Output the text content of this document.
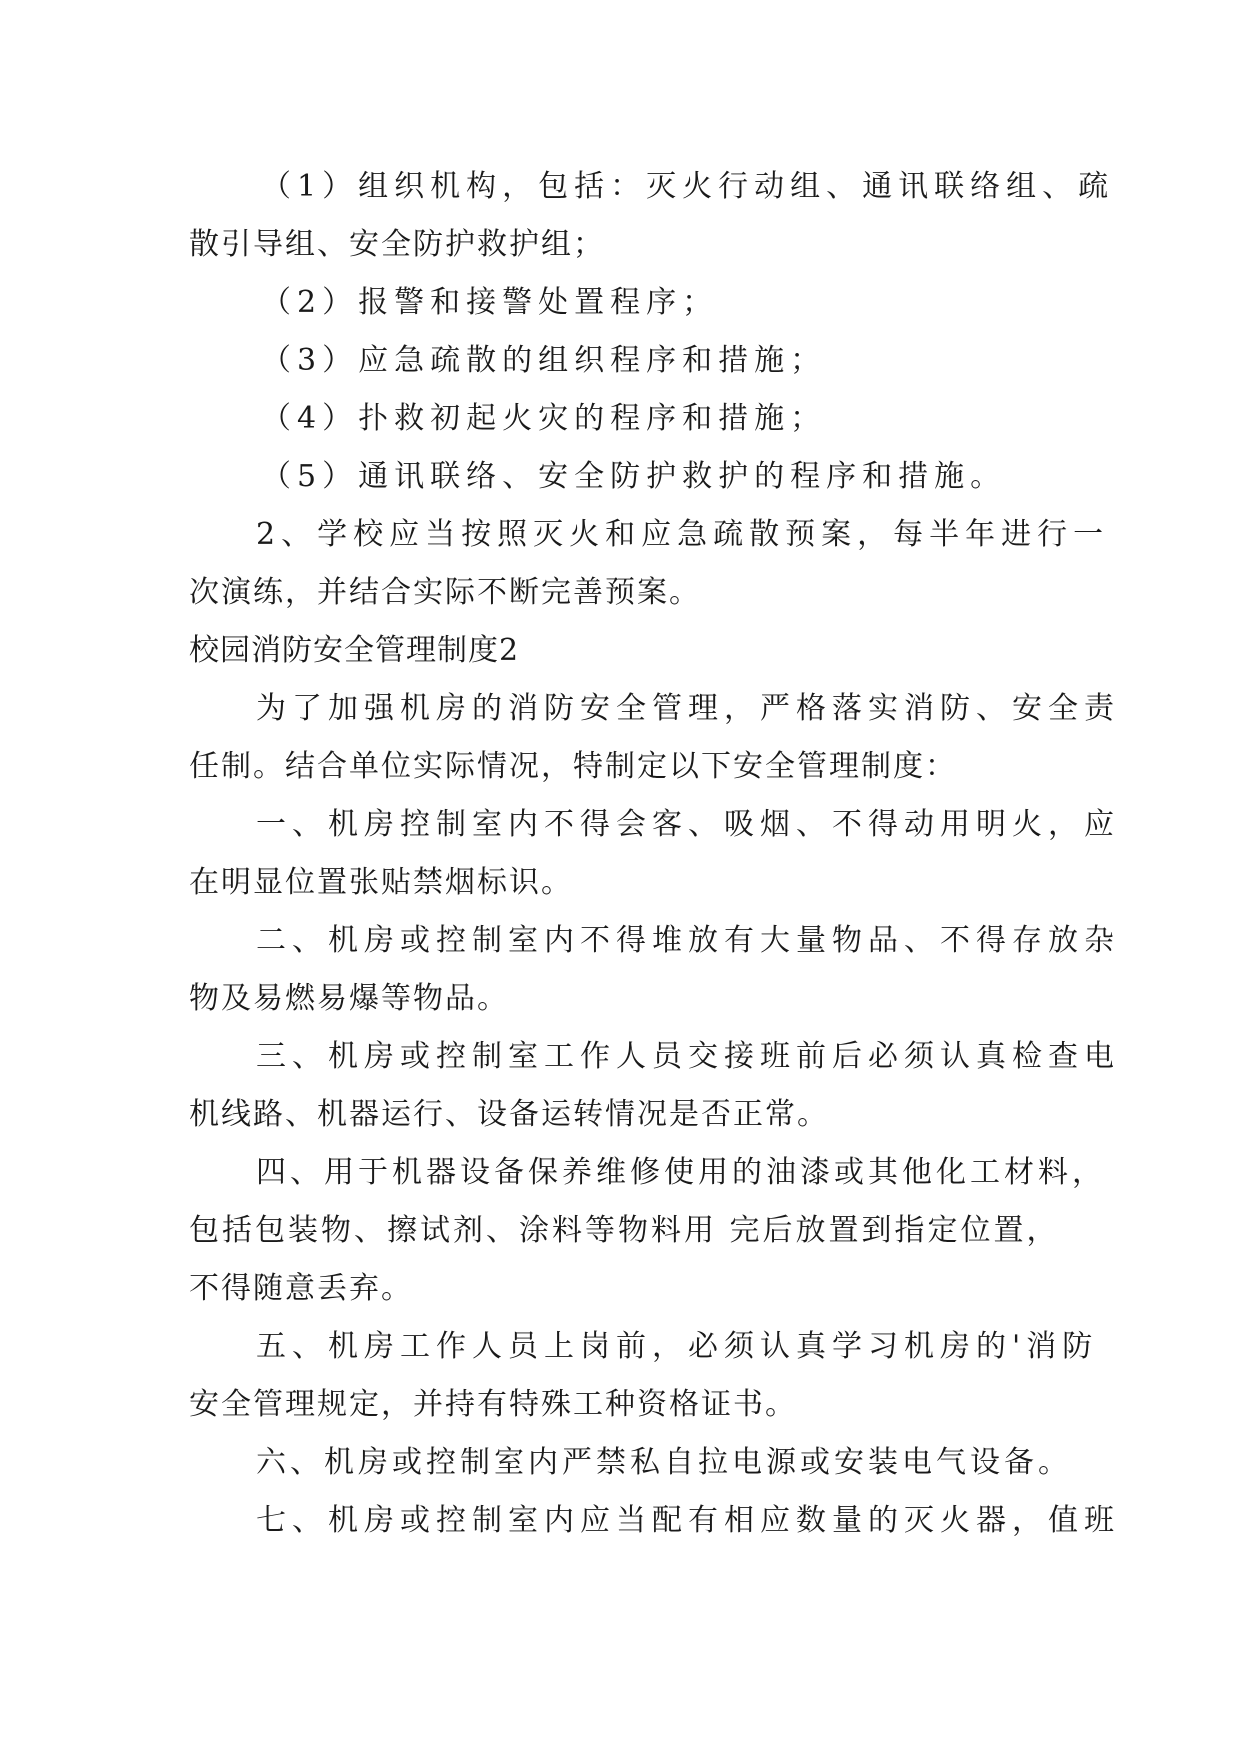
（1）组织机构，包括：灭火行动组、通讯联络组、疏
散引导组、安全防护救护组；
（2）报警和接警处置程序；
（3）应急疏散的组织程序和措施；
（4）扑救初起火灾的程序和措施；
（5）通讯联络、安全防护救护的程序和措施。
2、学校应当按照灭火和应急疏散预案，每半年进行一
次演练，并结合实际不断完善预案。
校园消防安全管理制度2
为了加强机房的消防安全管理，严格落实消防、安全责
任制。结合单位实际情况，特制定以下安全管理制度：
一、机房控制室内不得会客、吸烟、不得动用明火，应
在明显位置张贴禁烟标识。
二、机房或控制室内不得堆放有大量物品、不得存放杂
物及易燃易爆等物品。
三、机房或控制室工作人员交接班前后必须认真检查电
机线路、机器运行、设备运转情况是否正常。
四、用于机器设备保养维修使用的油漆或其他化工材料，
包括包装物、擦试剂、涂料等物料用 完后放置到指定位置，
不得随意丢弃。
五、机房工作人员上岗前，必须认真学习机房的'消防
安全管理规定，并持有特殊工种资格证书。
六、机房或控制室内严禁私自拉电源或安装电气设备。
七、机房或控制室内应当配有相应数量的灭火器，值班
